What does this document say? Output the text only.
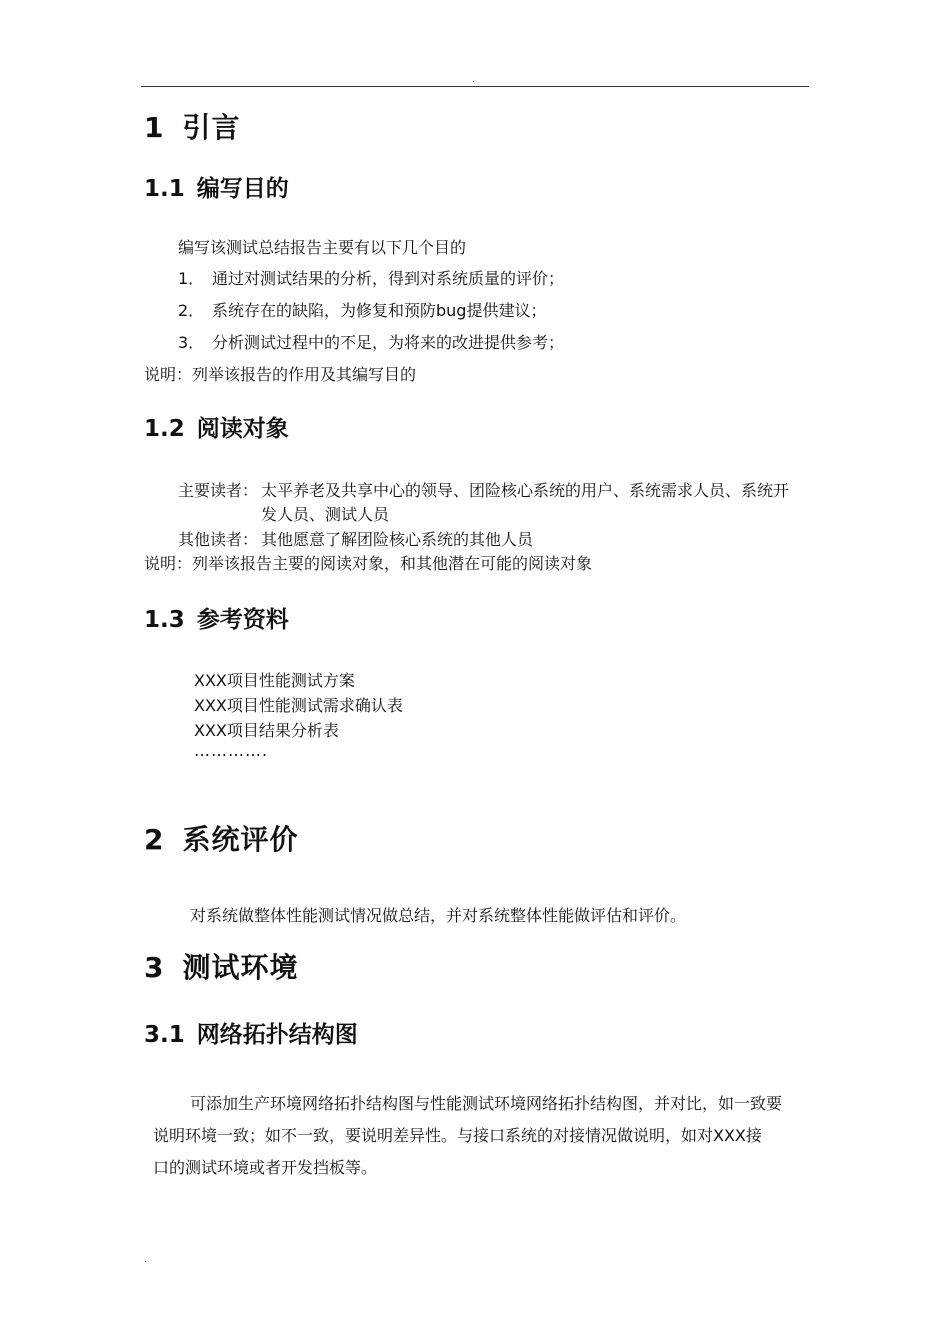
.
1 引言
1.1 编写目的
编写该测试总结报告主要有以下几个目的
1． 通过对测试结果的分析，得到对系统质量的评价；
2． 系统存在的缺陷，为修复和预防bug提供建议；
3． 分析测试过程中的不足，为将来的改进提供参考；
说明：列举该报告的作用及其编写目的
1.2 阅读对象
主要读者： 太平养老及共享中心的领导、团险核心系统的用户、系统需求人员、系统开
发人员、测试人员
其他读者： 其他愿意了解团险核心系统的其他人员
说明：列举该报告主要的阅读对象，和其他潜在可能的阅读对象
1.3 参考资料
XXX项目性能测试方案
XXX项目性能测试需求确认表
XXX项目结果分析表
………….
2 系统评价
对系统做整体性能测试情况做总结，并对系统整体性能做评估和评价。
3 测试环境
3.1 网络拓扑结构图
可添加生产环境网络拓扑结构图与性能测试环境网络拓扑结构图，并对比，如一致要
说明环境一致；如不一致，要说明差异性。与接口系统的对接情况做说明，如对XXX接
口的测试环境或者开发挡板等。
.
